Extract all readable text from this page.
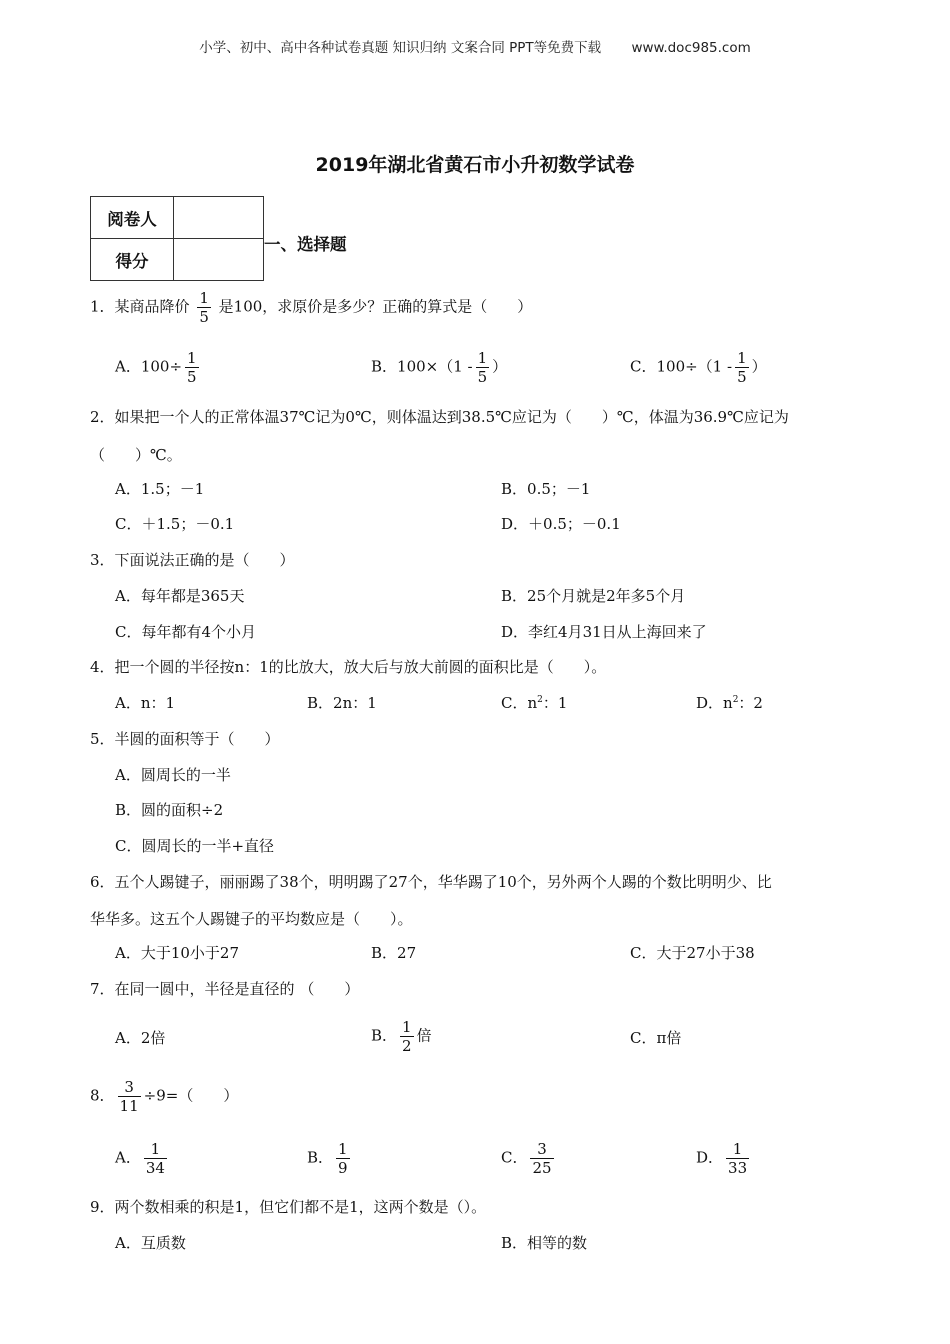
小学、初中、高中各种试卷真题 知识归纳 文案合同 PPT等免费下载 www.doc985.com
2019年湖北省黄石市小升初数学试卷
阅卷人	
得分	
一、选择题
1．某商品降价 $\frac{1}{5}$ 是100，求原价是多少？正确的算式是（　　）
A．$100\div \frac{1}{5}$	B．$100\times(1 - \frac{1}{5}$ ）	C．$100\div(1 - \frac{1}{5}$ ）
2．如果把一个人的正常体温37℃记为0℃，则体温达到38.5℃应记为（　　）℃，体温为36.9℃应记为
（　　）℃。
A．1.5；－1	B．0.5；－1
C．＋1.5；－0.1	D．＋0.5；－0.1
3．下面说法正确的是（　　）
A．每年都是365天	B．25个月就是2年多5个月
C．每年都有4个小月	D．李红4月31日从上海回来了
4．把一个圆的半径按n：1的比放大，放大后与放大前圆的面积比是（　　）。
A．n：1	B．2n：1	C．$n^2$：1	D．$n^2$：2
5．半圆的面积等于（　　）
A．圆周长的一半
B．圆的面积÷2
C．圆周长的一半+直径
6．五个人踢键子，丽丽踢了38个，明明踢了27个，华华踢了10个，另外两个人踢的个数比明明少、比
华华多。这五个人踢键子的平均数应是（　　）。
A．大于10小于27	B．27	C．大于27小于38
7．在同一圆中，半径是直径的 （　　）
A．2倍	B． $\frac{1}{2}$ 倍	C．π倍
8． $\frac{3}{11} \div 9=$（　　）
A． $\frac{1}{34}$	B． $\frac{1}{9}$	C． $\frac{3}{25}$	D． $\frac{1}{33}$
9．两个数相乘的积是1，但它们都不是1，这两个数是（）。
A．互质数	B．相等的数
